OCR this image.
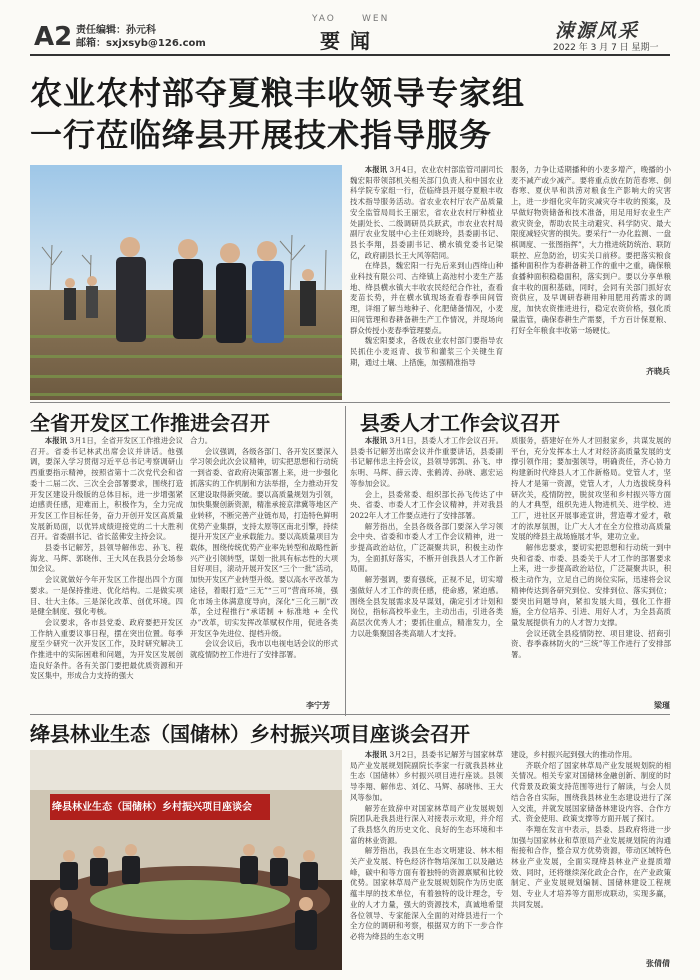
A2 责任编辑：孙元科
邮箱：sxjxsyb@126.com
YAO	WEN
要闻	涑源风采
2022 年 3 月 7 日 星期一
农业农村部夺夏粮丰收领导专家组
一行莅临绛县开展技术指导服务

本报讯 3月4日，农业农村部监管司副司长魏宏阳带领部机关相关部门负责人和中国农业科学院专家组一行，莅临绛县开展夺夏粮丰收技术指导服务活动。省农业农村厅农产品质量安全监管局局长王丽宏，省农业农村厅种植业处副处长、二级调研员兵跃武，市农业农村局副厅农业发展中心主任刘晓玲，县委副书记、县长李翔，县委副书记、横水镇党委书记梁亿，政府副县长王大风等陪同。

在绛县，魏宏阳一行先后来到山西绛山种业科技有限公司、古绛镇上高池村小麦生产基地、绛县横水镇大丰收农民经纪合作社，查看麦苗长势，并在横水镇现场查看春季田间管理，详细了解当地种子、化肥储备情况，小麦田间管理和春耕备耕生产工作情况，并现场向群众传授小麦春季管理要点。

魏宏阳要求，各级农业农村部门要指导农民抓住小麦返青、拔节和灌浆三个关键生育期，通过土壤、上措施，加强精准指导

服务，力争让适期播种的小麦多增产，晚播的小麦不减产或少减产。要将重点放在防范春寒、倒春寒、夏伏旱和洪涝对粮食生产影响大的灾害上，进一步细化灾年防灾减灾夺丰收的预案，及早做好物资储备和技术准备，用足用好农业生产救灾资金，帮助农民主动避灾、科学防灾、最大限度减轻灾害的损失。要采行“一办化监测、一盘棋调度、一张图指挥”，大力推进统防统治、联防联控、应急防治，切实关口前移。要把落实粮食播种面积作为春耕备耕工作的重中之重，确保粮食播种面积稳稳面积，落实到户。要以分享单粮食丰收的面积基础，同时，会同有关部门抓好农资供应，及早调研春耕用种用肥用药需求的调度，加快农资推进进行，稳定农资价格，强化质量监管，确保春耕生产需要，千方百计保夏粮、打好全年粮食丰收第一场硬仗。

齐晓兵
全省开发区工作推进会召开

本报讯 3月1日，全省开发区工作推进会议召开。省委书记林武出席会议并讲话。他强调，要深入学习贯彻习近平总书记考察调研山西重要指示精神，按照省第十二次党代会和省委十二届二次、三次全会部署要求，围绕打造开发区建设升级版的总体目标，进一步增强紧迫感责任感，迎难而上，积极作为，全力完成开发区工作目标任务，奋力开创开发区高质量发展新局面，以优异成绩迎接党的二十大胜利召开。省委副书记、省长蓝佛安主持会议。

县委书记解芳，县领导解伟忠、孙飞、程海龙、马辉、郭晓伟、王大风在我县分会场参加会议。

会议就做好今年开发区工作提出四个方面要求。一是保持推进、优化结构。二是做实项目、壮大主体。三是深化改革、创优环境。四是健全制度、强化考核。

会议要求，各市县党委、政府要把开发区工作纳入重要议事日程，摆在突出位置。每季度至少研究一次开发区工作，及时研究解决工作推进中的实际困难和问题，为开发区发展创造良好条件。各有关部门要把最优质资源和开发区集中，形成合力支持的强大

合力。

会议强调，各级各部门、各开发区要深入学习领会此次会议精神，切实把思想和行动统一到省委、省政府决策部署上来，进一步强化抓落实的工作机制和方法举措，全力推动开发区建设取得新突破。要以高质量规划为引领，加快集聚创新资源，精准承接京津冀等地区产业转移，不断完善产业链布局，打造特色鲜明优势产业集群，支持太原等区南北引擎，持续提升开发区产业承载能力。要以高质量项目为载体，围绕传统优势产业率先转型和战略性新兴产业引领转型，谋划一批具有标志性的大项目好项目，滚动开展开发区“三个一批”活动，加快开发区产业转型升级。要以高水平改革为途径，着眼打造“三无”“三可”营商环境，强化市场主体满意度导向，深化“三化三制”改革，全过程推行“承诺制 + 标准地 + 全代办”改革，切实发挥改革赋权作用，促进各类开发区争先进位、提档升级。

会议会议后，我市以电视电话会议的形式就疫情防控工作进行了安排部署。

李宁芳
县委人才工作会议召开

本报讯 3月1日，县委人才工作会议召开。县委书记解芳出席会议并作重要讲话，县委副书记解伟忠主持会议，县领导郭凯、孙飞、申东明、马辉、薛云涛、张鹤涛、孙晓、惠宏运等参加会议。

会上，县委常委、组织部长孙飞传达了中央、省委、市委人才工作会议精神，并对我县2022年人才工作要点进行了安排部署。

解芳指出，全县各级各部门要深入学习领会中央、省委和市委人才工作会议精神，进一步提高政治站位，广泛凝聚共识，积极主动作为，全面抓好落实，不断开创我县人才工作新局面。

解芳强调，要育强统，正视不足，切实增强做好人才工作的责任感，使命感，紧迫感。围绕全县发展需求及早谋划，确定引才计划和岗位，指标高校毕业生，主动出击，引进各类高层次优秀人才；要抓住重点，精准发力，全力以赴集聚国各类高端人才支持。

质服务，搭建好在外人才回报家乡，共谋发展的平台，充分发挥本土人才对经济高质量发展的支撑引领作用；要加强领导，明确责任，齐心协力构建新时代绛县人才工作新格局。党管人才，坚持人才是第一资源，党管人才，人力选拔统身科研次关，疫情防控，脱贫攻坚和乡村振兴等方面的人才典型，组织先进人物进机关、进学校、进工厂，进社区开展事迹宣讲，营造尊才爱才，敬才的浓厚氛围，让广大人才在全方位推动高质量发展的绛县主战场施展才华，建功立业。

解伟忠要求，要切实把思想和行动统一到中央和省委、市委、县委关于人才工作的部署要求上来，进一步提高政治站位，广泛凝聚共识，积极主动作为，立足自己的岗位实际，迅速将会议精神传达到各研究到位、安排到位、落实到位；要突出问题导向，紧扣发展大局，强化工作措施，全方位培养、引进、用好人才，为全县高质量发展提供有力的人才智力支撑。

会议还就全县疫情防控、项目建设、招商引资、春季森林防火的“三统”等工作进行了安排部署。

梁瑾
绛县林业生态（国储林）乡村振兴项目座谈会召开
绛县林业生态（国储林）乡村振兴项目座谈会

本报讯 3月2日，县委书记解芳与国家林草局产业发展规划院副院长李家一行就我县林业生态（国储林）乡村振兴项目进行座谈。县领导李翔、解伟忠、刘亿、马辉、郝晓伟、王大风等参加。

解芳在致辞中对国家林草局产业发展规划院团队赴我县进行深入对接表示欢迎，并介绍了我县悠久的历史文化、良好的生态环境和丰富的林业资源。

解芳指出，我县在生态文明建设、林木相关产业发展、特色经济作物培深加工以及融达峰，碳中和等方面有着独特的资源禀赋和比较优势。国家林草局产业发展规划院作为历史底蕴丰厚的技术单位，有着独特的设计理念，专业的人才力量，强大的资源技术，真诚地希望各位领导、专家能深入全面的对绛县进行一个全方位的调研和考察，根据双方的下一步合作必将为绛县的生态文明

建设，乡村振兴起到强大的推动作用。

齐联介绍了国家林草局产业发展规划院的相关情况。相关专家对国储林金融创新、制度的时代背景及政策支持范围等进行了解读，与会人员结合各自实际，围绕我县林业生态建设进行了深入交流，并就发展国家储备林建设内容、合作方式、资金使用、政策支撑等方面开展了探讨。

李翔在发言中表示，县委、县政府将进一步加强与国家林业和草原局产业发展规划院的沟通衔接和合作，整合双方优势资源，带动区域特色林业产业发展，全面实现绛县林业产业提质增效、同时，还将继续深化政企合作，在产业政策制定、产业发展规划编制、国储林建设工程规划、专业人才培养等方面形成联动，实现多赢，共同发展。

张倩倩
